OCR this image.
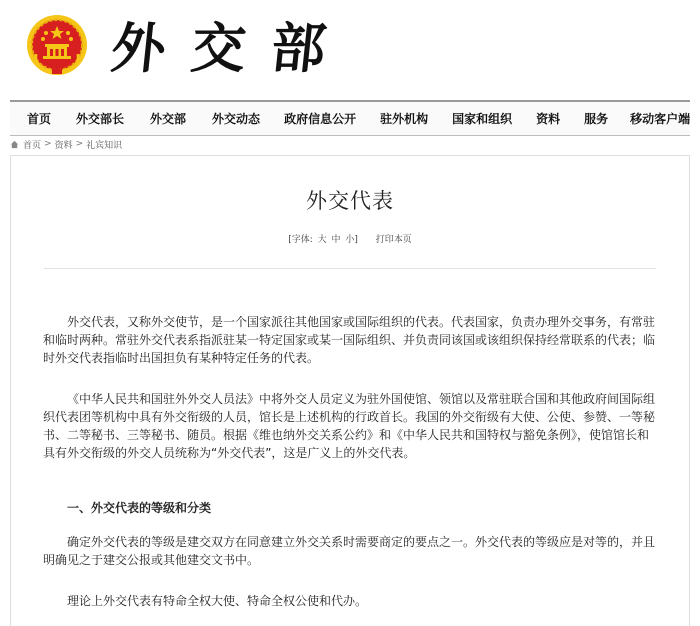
外交部
首页 外交部长 外交部 外交动态 政府信息公开 驻外机构 国家和组织 资料 服务 移动客户端
首页 > 资料 > 礼宾知识
外交代表
[字体: 大 中 小] 打印本页

外交代表，又称外交使节，是一个国家派往其他国家或国际组织的代表。代表国家，负责办理外交事务，有常驻和临时两种。常驻外交代表系指派驻某一特定国家或某一国际组织、并负责同该国或该组织保持经常联系的代表；临时外交代表指临时出国担负有某种特定任务的代表。

《中华人民共和国驻外外交人员法》中将外交人员定义为驻外国使馆、领馆以及常驻联合国和其他政府间国际组织代表团等机构中具有外交衔级的人员，馆长是上述机构的行政首长。我国的外交衔级有大使、公使、参赞、一等秘书、二等秘书、三等秘书、随员。根据《维也纳外交关系公约》和《中华人民共和国特权与豁免条例》，使馆馆长和具有外交衔级的外交人员统称为“外交代表”，这是广义上的外交代表。

一、外交代表的等级和分类

确定外交代表的等级是建交双方在同意建立外交关系时需要商定的要点之一。外交代表的等级应是对等的，并且明确见之于建交公报或其他建交文书中。

理论上外交代表有特命全权大使、特命全权公使和代办。
